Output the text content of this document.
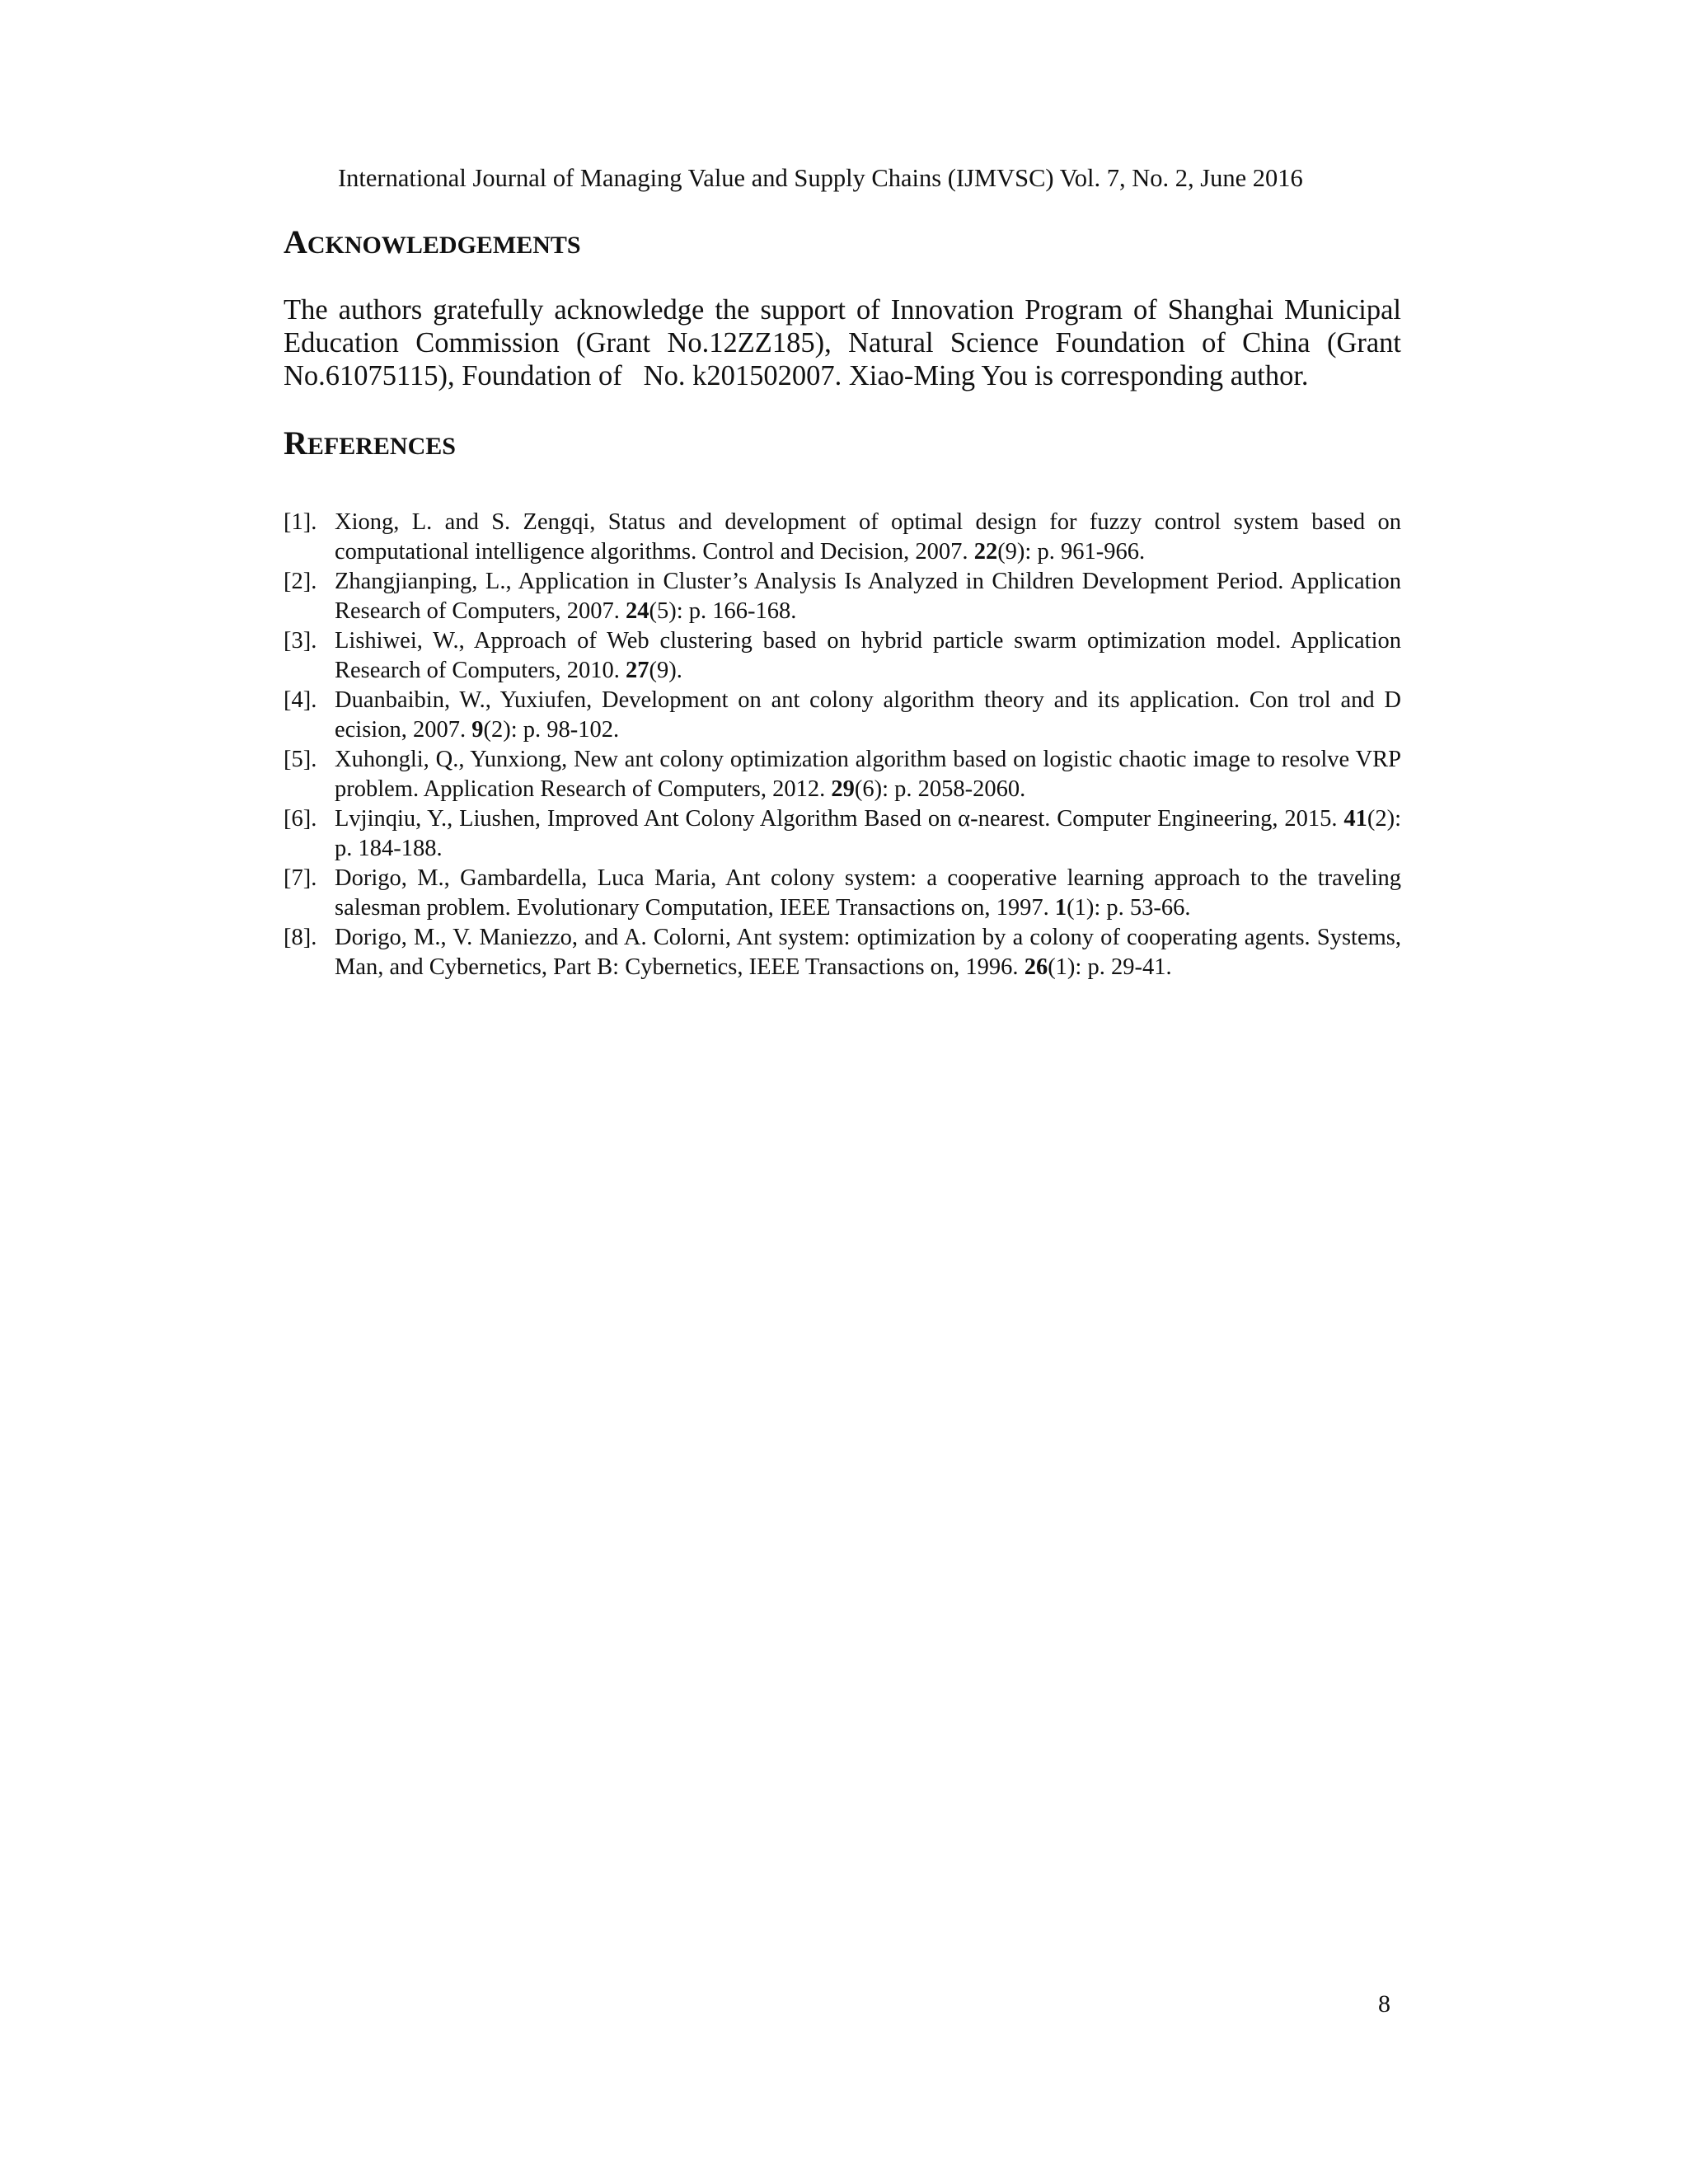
International Journal of Managing Value and Supply Chains (IJMVSC) Vol. 7, No. 2, June 2016
ACKNOWLEDGEMENTS

The authors gratefully acknowledge the support of Innovation Program of Shanghai Municipal Education Commission (Grant No.12ZZ185), Natural Science Foundation of China (Grant No.61075115), Foundation of   No. k201502007. Xiao-Ming You is corresponding author.

REFERENCES
[1]. Xiong, L. and S. Zengqi, Status and development of optimal design for fuzzy control system based on computational intelligence algorithms. Control and Decision, 2007. 22(9): p. 961-966.
[2]. Zhangjianping, L., Application in Cluster’s Analysis Is Analyzed in Children Development Period. Application Research of Computers, 2007. 24(5): p. 166-168.
[3]. Lishiwei, W., Approach of Web clustering based on hybrid particle swarm optimization model. Application Research of Computers, 2010. 27(9).
[4]. Duanbaibin, W., Yuxiufen, Development on ant colony algorithm theory and its application. Con trol and D ecision, 2007. 9(2): p. 98-102.
[5]. Xuhongli, Q., Yunxiong, New ant colony optimization algorithm based on logistic chaotic image to resolve VRP problem. Application Research of Computers, 2012. 29(6): p. 2058-2060.
[6]. Lvjinqiu, Y., Liushen, Improved Ant Colony Algorithm Based on α-nearest. Computer Engineering, 2015. 41(2): p. 184-188.
[7]. Dorigo, M., Gambardella, Luca Maria, Ant colony system: a cooperative learning approach to the traveling salesman problem. Evolutionary Computation, IEEE Transactions on, 1997. 1(1): p. 53-66.
[8]. Dorigo, M., V. Maniezzo, and A. Colorni, Ant system: optimization by a colony of cooperating agents. Systems, Man, and Cybernetics, Part B: Cybernetics, IEEE Transactions on, 1996. 26(1): p. 29-41.
8
